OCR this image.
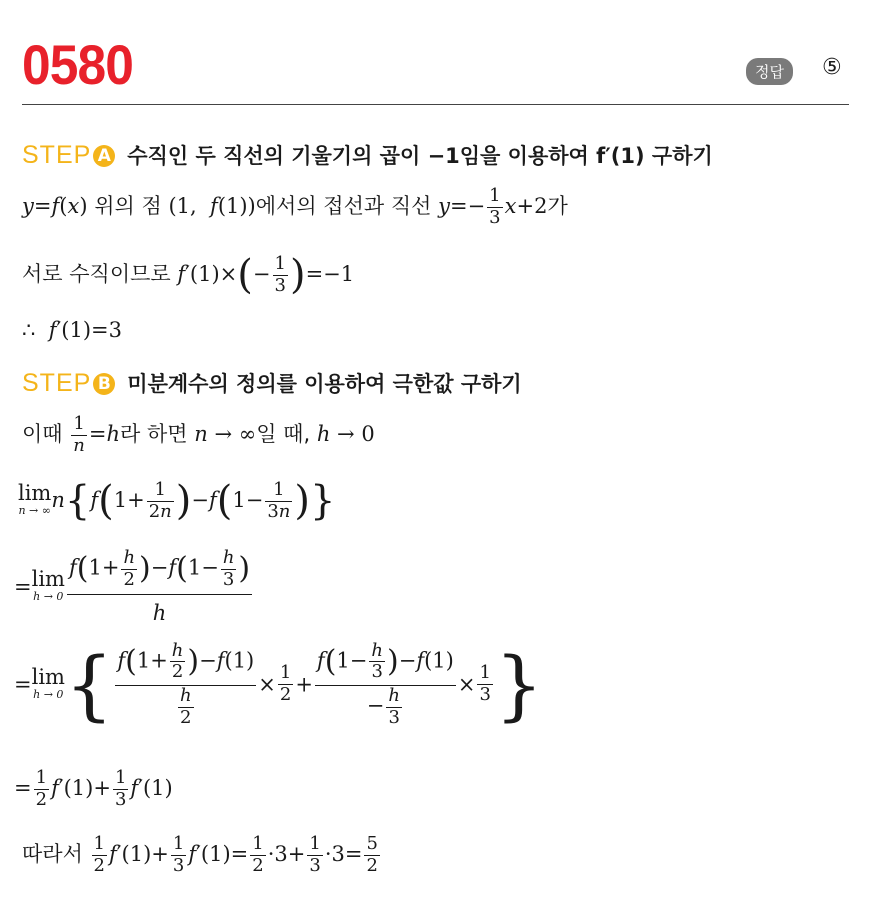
0580	정답	⑤
STEP A 수직인 두 직선의 기울기의 곱이 −1임을 이용하여 f′(1) 구하기
y=f(x) 위의 점 (1,  f(1))에서의 접선과 직선 $y=- \frac{1}{3} x+2$가
서로 수직이므로 $f'(1)\times(- \frac{1}{3} )=-1$
∴  f′(1)=3
STEP B 미분계수의 정의를 이용하여 극한값 구하기
이때 $\frac{1}{n} =h$라 하면 n → ∞일 때, h → 0
lim
n → ∞ $n\{f(1+ \frac{1}{2n} )-f(1- \frac{1}{3n}$ )}
= lim
$h \to 0 \frac{f(1+ \frac{h}{2} )-f(1- \frac{h}{3} )}{h}$
= lim
h → 0 { $\frac{f(1+ \frac{h}{2} )-f(1)}{\frac{h}{2}} \times \frac{1}{2} + \frac{f(1- \frac{h}{3} )-f(1)}{- \frac{h}{3}} \times \frac{1}{3}$ }
= $\frac{1}{2} f'(1)+ \frac{1}{3} f'(1)$
따라서 $\frac{1}{2} f'(1)+ \frac{1}{3} f'(1)= \frac{1}{2} \cdot 3+ \frac{1}{3} \cdot 3= \frac{5}{2}$
